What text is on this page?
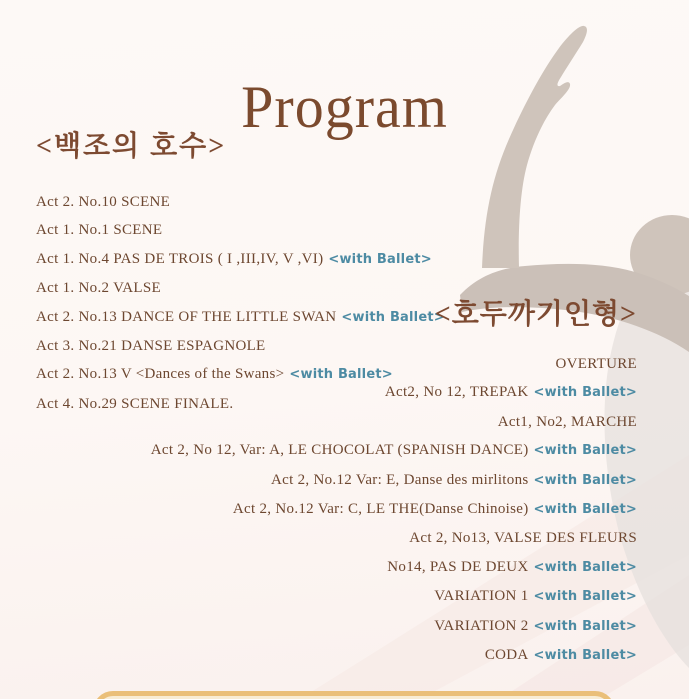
Program
<백조의 호수>
Act 2. No.10 SCENE
Act 1. No.1 SCENE
Act 1. No.4 PAS DE TROIS ( I ,III,IV, V ,VI) <with Ballet>
Act 1. No.2 VALSE
Act 2. No.13 DANCE OF THE LITTLE SWAN <with Ballet>
Act 3. No.21 DANSE ESPAGNOLE
Act 2. No.13 V <Dances of the Swans> <with Ballet>
Act 4. No.29 SCENE FINALE.
<호두까기인형>
OVERTURE
Act2, No 12, TREPAK <with Ballet>
Act1, No2, MARCHE
Act 2, No 12, Var: A, LE CHOCOLAT (SPANISH DANCE) <with Ballet>
Act 2, No.12 Var: E, Danse des mirlitons <with Ballet>
Act 2, No.12 Var: C, LE THE(Danse Chinoise) <with Ballet>
Act 2, No13, VALSE DES FLEURS
No14, PAS DE DEUX <with Ballet>
VARIATION 1 <with Ballet>
VARIATION 2 <with Ballet>
CODA <with Ballet>
